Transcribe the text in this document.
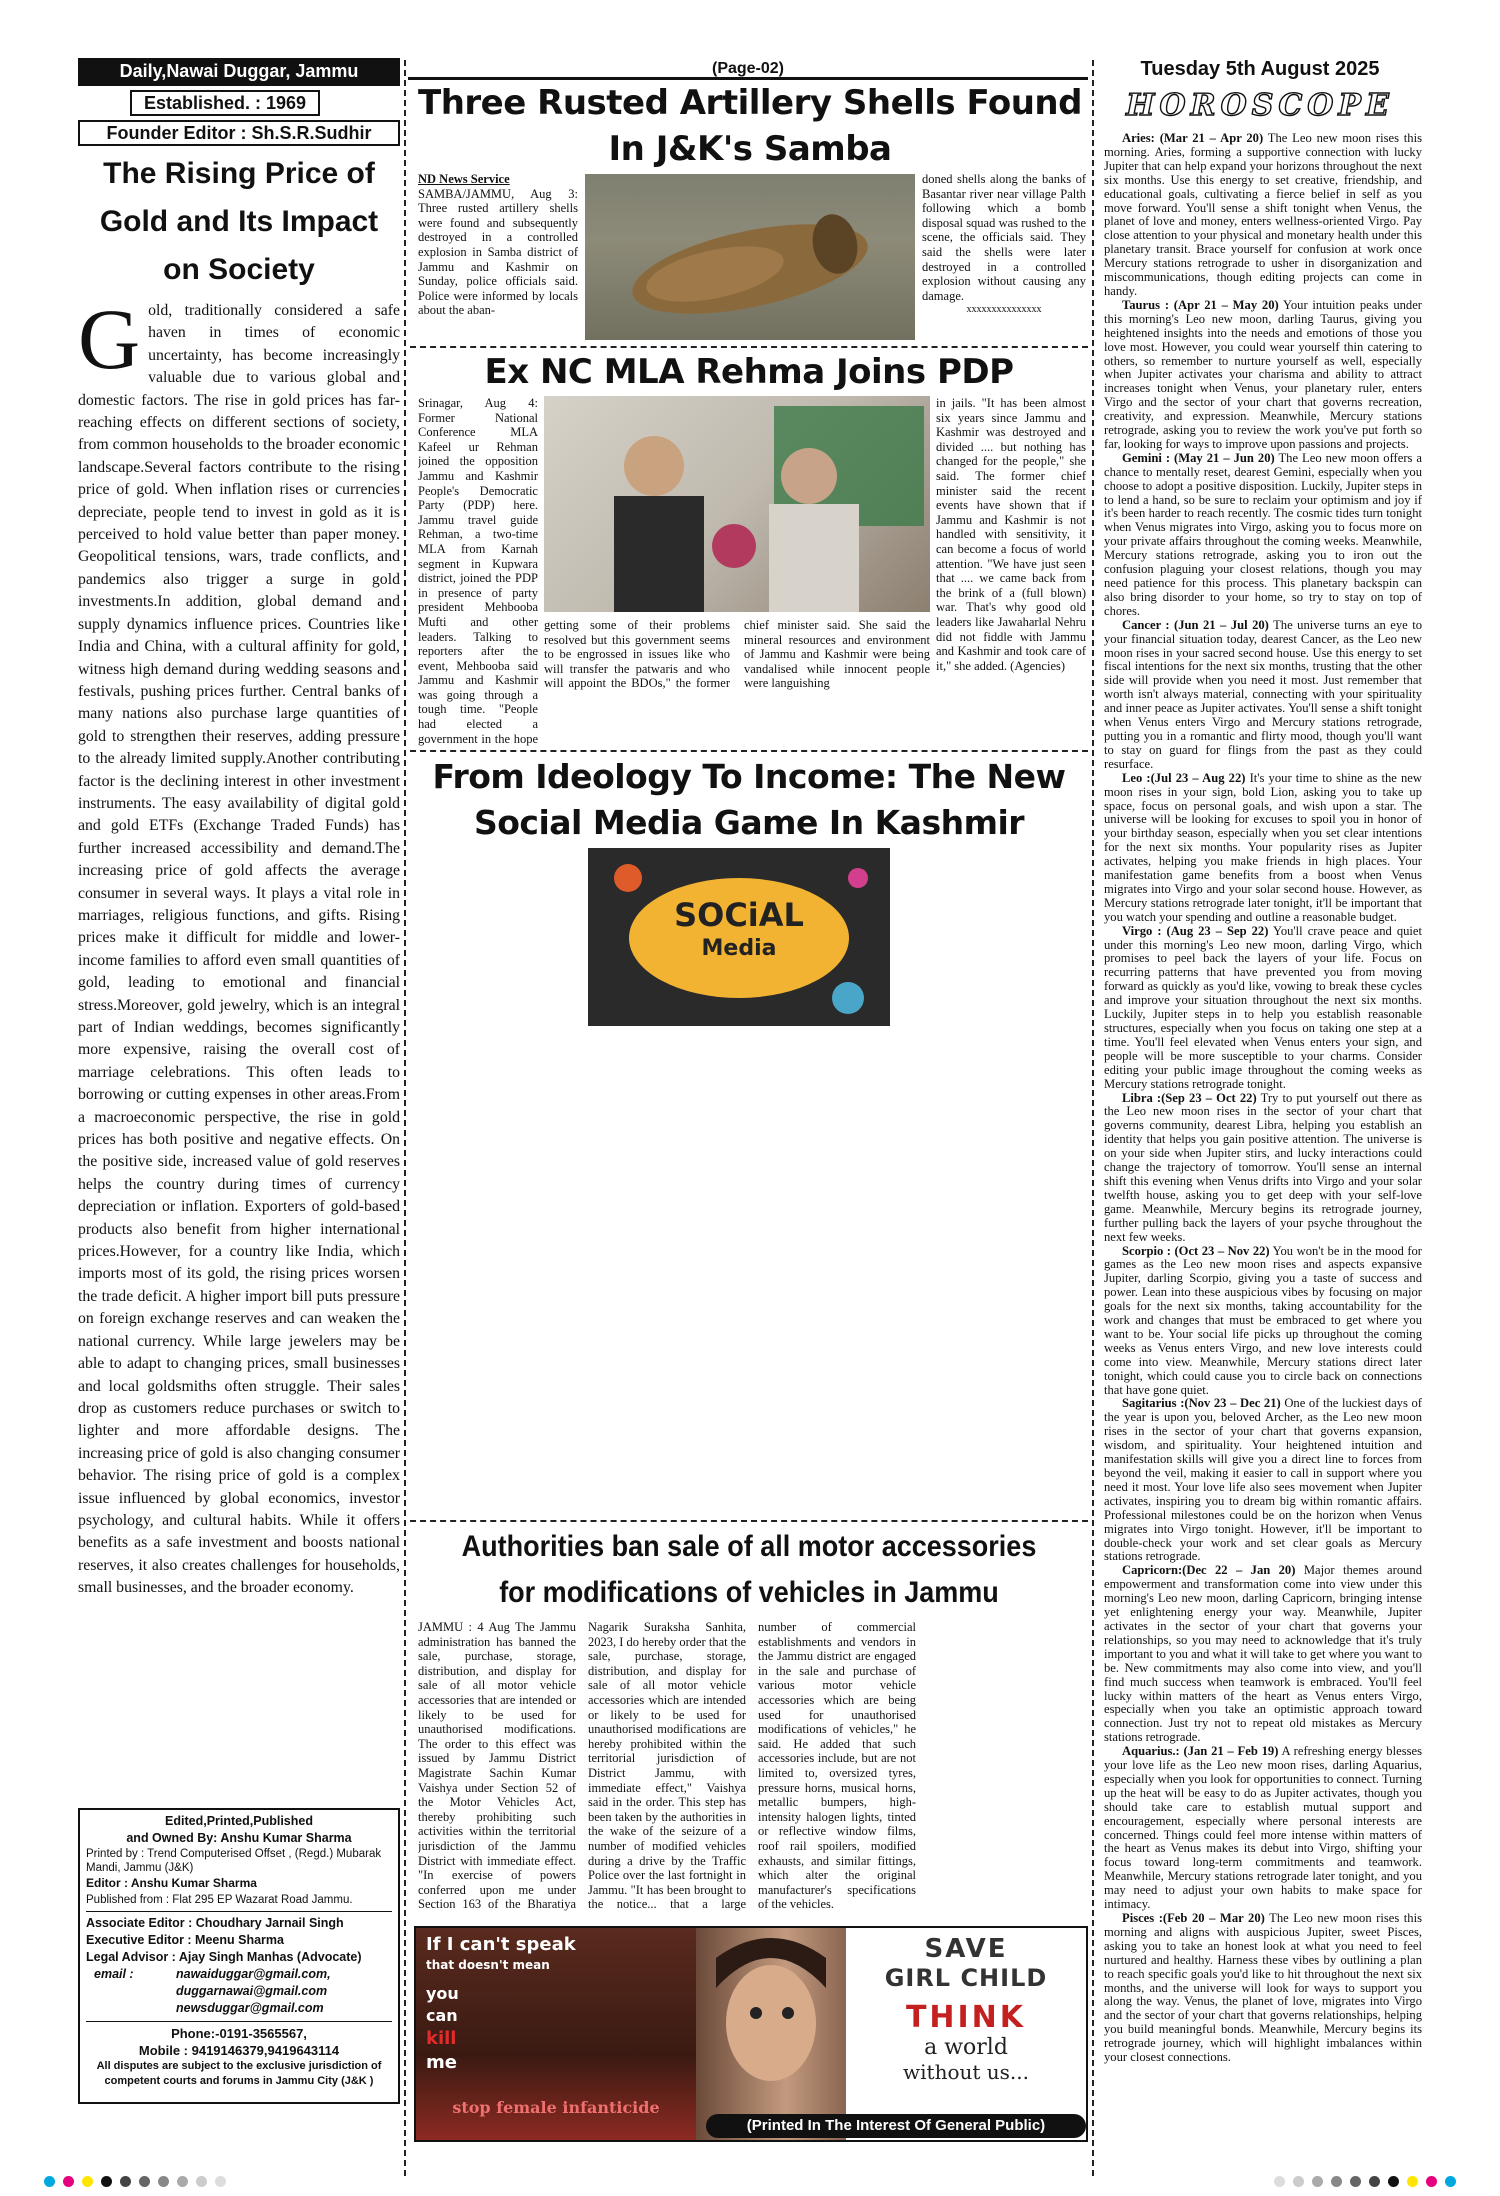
Daily,Nawai Duggar, Jammu
Established. : 1969
Founder Editor : Sh.S.R.Sudhir
The Rising Price of Gold and Its Impact on Society
G old, traditionally considered a safe haven in times of economic uncertainty, has become increasingly valuable due to various global and domestic factors. The rise in gold prices has far-reaching effects on different sections of society, from common households to the broader economic landscape.Several factors contribute to the rising price of gold. When inflation rises or currencies depreciate, people tend to invest in gold as it is perceived to hold value better than paper money. Geopolitical tensions, wars, trade conflicts, and pandemics also trigger a surge in gold investments.In addition, global demand and supply dynamics influence prices. Countries like India and China, with a cultural affinity for gold, witness high demand during wedding seasons and festivals, pushing prices further. Central banks of many nations also purchase large quantities of gold to strengthen their reserves, adding pressure to the already limited supply.Another contributing factor is the declining interest in other investment instruments. The easy availability of digital gold and gold ETFs (Exchange Traded Funds) has further increased accessibility and demand.The increasing price of gold affects the average consumer in several ways. It plays a vital role in marriages, religious functions, and gifts. Rising prices make it difficult for middle and lower-income families to afford even small quantities of gold, leading to emotional and financial stress.Moreover, gold jewelry, which is an integral part of Indian weddings, becomes significantly more expensive, raising the overall cost of marriage celebrations. This often leads to borrowing or cutting expenses in other areas.From a macroeconomic perspective, the rise in gold prices has both positive and negative effects. On the positive side, increased value of gold reserves helps the country during times of currency depreciation or inflation. Exporters of gold-based products also benefit from higher international prices.However, for a country like India, which imports most of its gold, the rising prices worsen the trade deficit. A higher import bill puts pressure on foreign exchange reserves and can weaken the national currency. While large jewelers may be able to adapt to changing prices, small businesses and local goldsmiths often struggle. Their sales drop as customers reduce purchases or switch to lighter and more affordable designs. The increasing price of gold is also changing consumer behavior. The rising price of gold is a complex issue influenced by global economics, investor psychology, and cultural habits. While it offers benefits as a safe investment and boosts national reserves, it also creates challenges for households, small businesses, and the broader economy.
Edited,Printed,Published
and Owned By: Anshu Kumar Sharma
Printed by : Trend Computerised Offset , (Regd.) Mubarak Mandi, Jammu (J&K)
Editor : Anshu Kumar Sharma
Published from : Flat 295 EP Wazarat Road Jammu.
Associate Editor : Choudhary Jarnail Singh
Executive Editor : Meenu Sharma
Legal Advisor : Ajay Singh Manhas (Advocate)
email :	nawaiduggar@gmail.com,
duggarnawai@gmail.com
newsduggar@gmail.com
Phone:-0191-3565567,
Mobile : 9419146379,9419643114
All disputes are subject to the exclusive jurisdiction of competent courts and forums in Jammu City (J&K )
(Page-02)
Three Rusted Artillery Shells Found In J&K's Samba
ND News Service
SAMBA/JAMMU, Aug 3: Three rusted artillery shells were found and subsequently destroyed in a controlled explosion in Samba district of Jammu and Kashmir on Sunday, police officials said. Police were informed by locals about the aban-
doned shells along the banks of Basantar river near village Palth following which a bomb disposal squad was rushed to the scene, the officials said. They said the shells were later destroyed in a controlled explosion without causing any damage.
xxxxxxxxxxxxxxx
Ex NC MLA Rehma Joins PDP
Srinagar, Aug 4: Former National Conference MLA Kafeel ur Rehman joined the opposition Jammu and Kashmir People's Democratic Party (PDP) here. Jammu travel guide Rehman, a two-time MLA from Karnah segment in Kupwara district, joined the PDP in presence of party president Mehbooba Mufti and other leaders. Talking to reporters after the event, Mehbooba said Jammu and Kashmir was going through a tough time. "People had elected a government in the hope
getting some of their problems resolved but this government seems to be engrossed in issues like who will transfer the patwaris and who will appoint the BDOs," the former chief minister said. She said the mineral resources and environment of Jammu and Kashmir were being vandalised while innocent people were languishing
in jails. "It has been almost six years since Jammu and Kashmir was destroyed and divided .... but nothing has changed for the people," she said. The former chief minister said the recent events have shown that if Jammu and Kashmir is not handled with sensitivity, it can become a focus of world attention. "We have just seen that .... we came back from the brink of a (full blown) war. That's why good old leaders like Jawaharlal Nehru did not fiddle with Jammu and Kashmir and took care of it," she added. (Agencies)
From Ideology To Income: The New Social Media Game In Kashmir
SOCiAL
Media
Authorities ban sale of all motor accessories for modifications of vehicles in Jammu
JAMMU : 4 Aug The Jammu administration has banned the sale, purchase, storage, distribution, and display for sale of all motor vehicle accessories that are intended or likely to be used for unauthorised modifications. The order to this effect was issued by Jammu District Magistrate Sachin Kumar Vaishya under Section 52 of the Motor Vehicles Act, thereby prohibiting such activities within the territorial jurisdiction of the Jammu District with immediate effect. "In exercise of powers conferred upon me under Section 163 of the Bharatiya Nagarik Suraksha Sanhita, 2023, I do hereby order that the sale, purchase, storage, distribution, and display for sale of all motor vehicle accessories which are intended or likely to be used for unauthorised modifications are hereby prohibited within the territorial jurisdiction of District Jammu, with immediate effect," Vaishya said in the order. This step has been taken by the authorities in the wake of the seizure of a number of modified vehicles during a drive by the Traffic Police over the last fortnight in Jammu. "It has been brought to the notice... that a large number of commercial establishments and vendors in the Jammu district are engaged in the sale and purchase of various motor vehicle accessories which are being used for unauthorised modifications of vehicles," he said. He added that such accessories include, but are not limited to, oversized tyres, pressure horns, musical horns, metallic bumpers, high-intensity halogen lights, tinted or reflective window films, roof rail spoilers, modified exhausts, and similar fittings, which alter the original manufacturer's specifications of the vehicles.
If I can't speak
that doesn't mean
you
can
kill
me
stop female infanticide
SAVE
GIRL CHILD
THINK
a world
without us...
(Printed In The Interest Of General Public)
Tuesday 5th August 2025
HOROSCOPE

Aries: (Mar 21 – Apr 20) The Leo new moon rises this morning. Aries, forming a supportive connection with lucky Jupiter that can help expand your horizons throughout the next six months. Use this energy to set creative, friendship, and educational goals, cultivating a fierce belief in self as you move forward. You'll sense a shift tonight when Venus, the planet of love and money, enters wellness-oriented Virgo. Pay close attention to your physical and monetary health under this planetary transit. Brace yourself for confusion at work once Mercury stations retrograde to usher in disorganization and miscommunications, though editing projects can come in handy.

Taurus : (Apr 21 – May 20) Your intuition peaks under this morning's Leo new moon, darling Taurus, giving you heightened insights into the needs and emotions of those you love most. However, you could wear yourself thin catering to others, so remember to nurture yourself as well, especially when Jupiter activates your charisma and ability to attract increases tonight when Venus, your planetary ruler, enters Virgo and the sector of your chart that governs recreation, creativity, and expression. Meanwhile, Mercury stations retrograde, asking you to review the work you've put forth so far, looking for ways to improve upon passions and projects.

Gemini : (May 21 – Jun 20) The Leo new moon offers a chance to mentally reset, dearest Gemini, especially when you choose to adopt a positive disposition. Luckily, Jupiter steps in to lend a hand, so be sure to reclaim your optimism and joy if it's been harder to reach recently. The cosmic tides turn tonight when Venus migrates into Virgo, asking you to focus more on your private affairs throughout the coming weeks. Meanwhile, Mercury stations retrograde, asking you to iron out the confusion plaguing your closest relations, though you may need patience for this process. This planetary backspin can also bring disorder to your home, so try to stay on top of chores.

Cancer : (Jun 21 – Jul 20) The universe turns an eye to your financial situation today, dearest Cancer, as the Leo new moon rises in your sacred second house. Use this energy to set fiscal intentions for the next six months, trusting that the other side will provide when you need it most. Just remember that worth isn't always material, connecting with your spirituality and inner peace as Jupiter activates. You'll sense a shift tonight when Venus enters Virgo and Mercury stations retrograde, putting you in a romantic and flirty mood, though you'll want to stay on guard for flings from the past as they could resurface.

Leo :(Jul 23 – Aug 22) It's your time to shine as the new moon rises in your sign, bold Lion, asking you to take up space, focus on personal goals, and wish upon a star. The universe will be looking for excuses to spoil you in honor of your birthday season, especially when you set clear intentions for the next six months. Your popularity rises as Jupiter activates, helping you make friends in high places. Your manifestation game benefits from a boost when Venus migrates into Virgo and your solar second house. However, as Mercury stations retrograde later tonight, it'll be important that you watch your spending and outline a reasonable budget.

Virgo : (Aug 23 – Sep 22) You'll crave peace and quiet under this morning's Leo new moon, darling Virgo, which promises to peel back the layers of your life. Focus on recurring patterns that have prevented you from moving forward as quickly as you'd like, vowing to break these cycles and improve your situation throughout the next six months. Luckily, Jupiter steps in to help you establish reasonable structures, especially when you focus on taking one step at a time. You'll feel elevated when Venus enters your sign, and people will be more susceptible to your charms. Consider editing your public image throughout the coming weeks as Mercury stations retrograde tonight.

Libra :(Sep 23 – Oct 22) Try to put yourself out there as the Leo new moon rises in the sector of your chart that governs community, dearest Libra, helping you establish an identity that helps you gain positive attention. The universe is on your side when Jupiter stirs, and lucky interactions could change the trajectory of tomorrow. You'll sense an internal shift this evening when Venus drifts into Virgo and your solar twelfth house, asking you to get deep with your self-love game. Meanwhile, Mercury begins its retrograde journey, further pulling back the layers of your psyche throughout the next few weeks.

Scorpio : (Oct 23 – Nov 22) You won't be in the mood for games as the Leo new moon rises and aspects expansive Jupiter, darling Scorpio, giving you a taste of success and power. Lean into these auspicious vibes by focusing on major goals for the next six months, taking accountability for the work and changes that must be embraced to get where you want to be. Your social life picks up throughout the coming weeks as Venus enters Virgo, and new love interests could come into view. Meanwhile, Mercury stations direct later tonight, which could cause you to circle back on connections that have gone quiet.

Sagitarius :(Nov 23 – Dec 21) One of the luckiest days of the year is upon you, beloved Archer, as the Leo new moon rises in the sector of your chart that governs expansion, wisdom, and spirituality. Your heightened intuition and manifestation skills will give you a direct line to forces from beyond the veil, making it easier to call in support where you need it most. Your love life also sees movement when Jupiter activates, inspiring you to dream big within romantic affairs. Professional milestones could be on the horizon when Venus migrates into Virgo tonight. However, it'll be important to double-check your work and set clear goals as Mercury stations retrograde.

Capricorn:(Dec 22 – Jan 20) Major themes around empowerment and transformation come into view under this morning's Leo new moon, darling Capricorn, bringing intense yet enlightening energy your way. Meanwhile, Jupiter activates in the sector of your chart that governs your relationships, so you may need to acknowledge that it's truly important to you and what it will take to get where you want to be. New commitments may also come into view, and you'll find much success when teamwork is embraced. You'll feel lucky within matters of the heart as Venus enters Virgo, especially when you take an optimistic approach toward connection. Just try not to repeat old mistakes as Mercury stations retrograde.

Aquarius.: (Jan 21 – Feb 19) A refreshing energy blesses your love life as the Leo new moon rises, darling Aquarius, especially when you look for opportunities to connect. Turning up the heat will be easy to do as Jupiter activates, though you should take care to establish mutual support and encouragement, especially where personal interests are concerned. Things could feel more intense within matters of the heart as Venus makes its debut into Virgo, shifting your focus toward long-term commitments and teamwork. Meanwhile, Mercury stations retrograde later tonight, and you may need to adjust your own habits to make space for intimacy.

Pisces :(Feb 20 – Mar 20) The Leo new moon rises this morning and aligns with auspicious Jupiter, sweet Pisces, asking you to take an honest look at what you need to feel nurtured and healthy. Harness these vibes by outlining a plan to reach specific goals you'd like to hit throughout the next six months, and the universe will look for ways to support you along the way. Venus, the planet of love, migrates into Virgo and the sector of your chart that governs relationships, helping you build meaningful bonds. Meanwhile, Mercury begins its retrograde journey, which will highlight imbalances within your closest connections.
